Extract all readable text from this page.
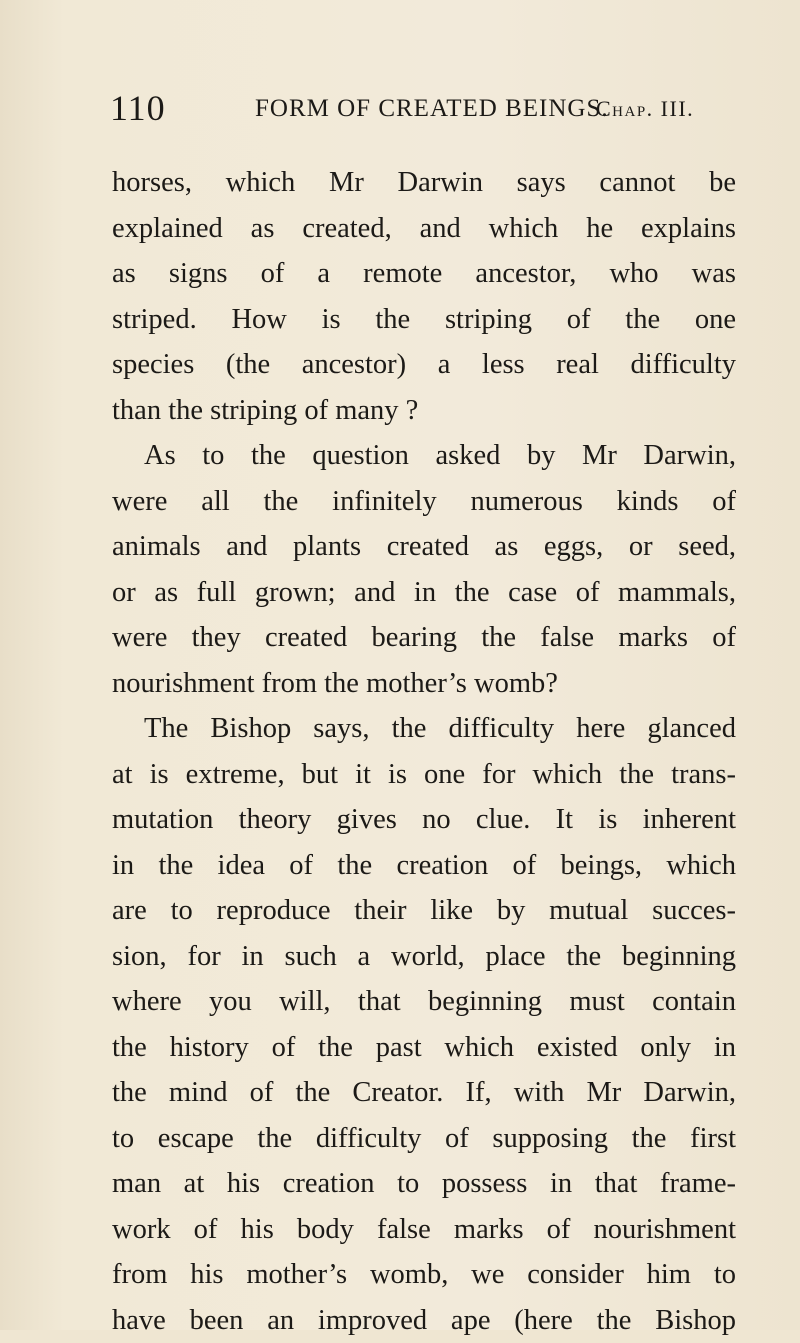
110	FORM OF CREATED BEINGS.
Chap. III.
horses, which Mr Darwin says cannot be
explained as created, and which he explains
as signs of a remote ancestor, who was
striped. How is the striping of the one
species (the ancestor) a less real difficulty
than the striping of many ?
As to the question asked by Mr Darwin,
were all the infinitely numerous kinds of
animals and plants created as eggs, or seed,
or as full grown; and in the case of mammals,
were they created bearing the false marks of
nourishment from the mother’s womb?
The Bishop says, the difficulty here glanced
at is extreme, but it is one for which the trans-
mutation theory gives no clue. It is inherent
in the idea of the creation of beings, which
are to reproduce their like by mutual succes-
sion, for in such a world, place the beginning
where you will, that beginning must contain
the history of the past which existed only in
the mind of the Creator. If, with Mr Darwin,
to escape the difficulty of supposing the first
man at his creation to possess in that frame-
work of his body false marks of nourishment
from his mother’s womb, we consider him to
have been an improved ape (here the Bishop
